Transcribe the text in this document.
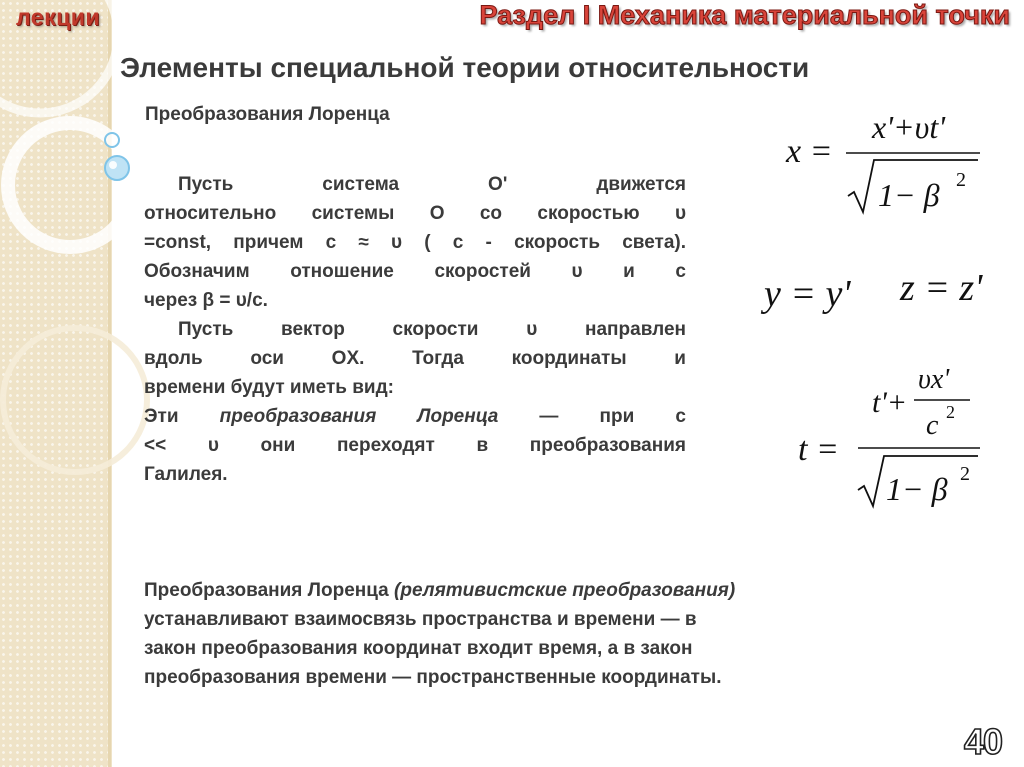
лекции	Раздел I Механика материальной точки
Элементы специальной теории относительности
Преобразования Лоренца

Пусть система O' движется

относительно системы O со скоростью υ

=const, причем c ≈ υ ( c - скорость света).

Обозначим отношение скоростей υ и c

через β = υ/c.

Пусть вектор скорости υ направлен

вдоль оси OX. Тогда координаты и

времени будут иметь вид:

Эти преобразования Лоренца — при c

<< υ они переходят в преобразования

Галилея.

Преобразования Лоренца (релятивистские преобразования)
устанавливают взаимосвязь пространства и времени — в
закон преобразования координат входит время, а в закон
преобразования времени — пространственные координаты.
x =
x'+υt'
1− β 2
y = y' z = z'
t =
t'+
υx'
c 2
1− β 2
40
